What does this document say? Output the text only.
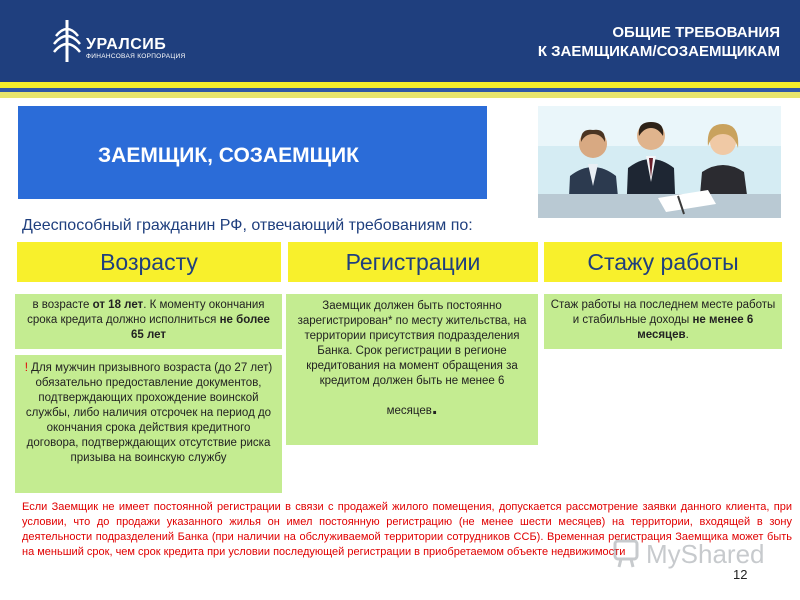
УРАЛСИБ
ФИНАНСОВАЯ КОРПОРАЦИЯ
ОБЩИЕ ТРЕБОВАНИЯ
К ЗАЕМЩИКАМ/СОЗАЕМЩИКАМ
ЗАЕМЩИК, СОЗАЕМЩИК
Дееспособный гражданин РФ, отвечающий требованиям по:
Возрасту	Регистрации	Стажу работы
в возрасте от 18 лет. К моменту окончания срока кредита должно исполниться не более 65 лет
! Для мужчин призывного возраста (до 27 лет) обязательно предоставление документов, подтверждающих прохождение воинской службы, либо наличия отсрочек на период до окончания срока действия кредитного договора, подтверждающих отсутствие риска призыва на воинскую службу
Заемщик должен быть постоянно зарегистрирован* по месту жительства, на территории присутствия подразделения Банка. Срок регистрации в регионе кредитования на момент обращения за кредитом должен быть не менее 6
месяцев.
Стаж работы на последнем месте работы и стабильные доходы не менее 6 месяцев.
Если Заемщик не имеет постоянной регистрации в связи с продажей жилого помещения, допускается рассмотрение заявки данного клиента, при условии, что до продажи указанного жилья он имел постоянную регистрацию (не менее шести месяцев) на территории, входящей в зону деятельности подразделений Банка (при наличии на обслуживаемой территории сотрудников ССБ). Временная регистрация Заемщика может быть на меньший срок, чем срок кредита при условии последующей регистрации в приобретаемом объекте недвижимости MyShared
12
